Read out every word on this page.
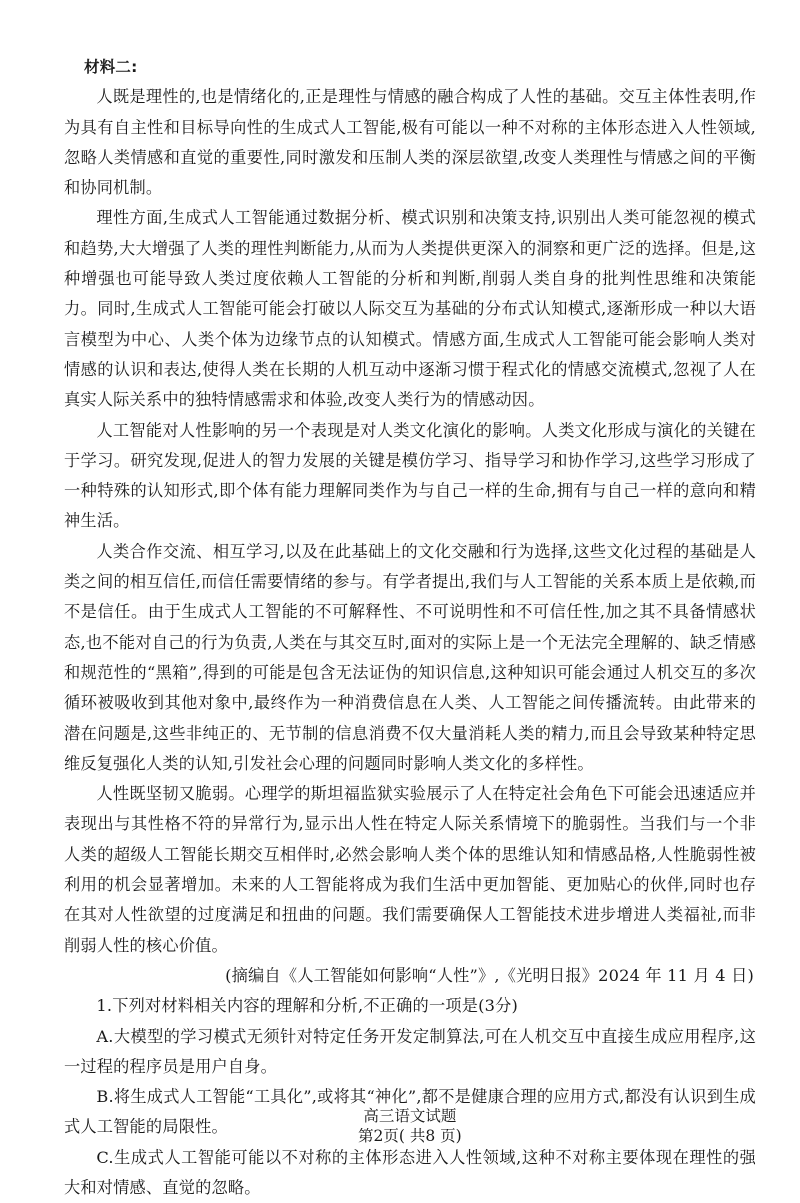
材料二:

人既是理性的,也是情绪化的,正是理性与情感的融合构成了人性的基础。交互主体性表明,作为具有自主性和目标导向性的生成式人工智能,极有可能以一种不对称的主体形态进入人性领域,忽略人类情感和直觉的重要性,同时激发和压制人类的深层欲望,改变人类理性与情感之间的平衡和协同机制。

理性方面,生成式人工智能通过数据分析、模式识别和决策支持,识别出人类可能忽视的模式和趋势,大大增强了人类的理性判断能力,从而为人类提供更深入的洞察和更广泛的选择。但是,这种增强也可能导致人类过度依赖人工智能的分析和判断,削弱人类自身的批判性思维和决策能力。同时,生成式人工智能可能会打破以人际交互为基础的分布式认知模式,逐渐形成一种以大语言模型为中心、人类个体为边缘节点的认知模式。情感方面,生成式人工智能可能会影响人类对情感的认识和表达,使得人类在长期的人机互动中逐渐习惯于程式化的情感交流模式,忽视了人在真实人际关系中的独特情感需求和体验,改变人类行为的情感动因。

人工智能对人性影响的另一个表现是对人类文化演化的影响。人类文化形成与演化的关键在于学习。研究发现,促进人的智力发展的关键是模仿学习、指导学习和协作学习,这些学习形成了一种特殊的认知形式,即个体有能力理解同类作为与自己一样的生命,拥有与自己一样的意向和精神生活。

人类合作交流、相互学习,以及在此基础上的文化交融和行为选择,这些文化过程的基础是人类之间的相互信任,而信任需要情绪的参与。有学者提出,我们与人工智能的关系本质上是依赖,而不是信任。由于生成式人工智能的不可解释性、不可说明性和不可信任性,加之其不具备情感状态,也不能对自己的行为负责,人类在与其交互时,面对的实际上是一个无法完全理解的、缺乏情感和规范性的“黑箱”,得到的可能是包含无法证伪的知识信息,这种知识可能会通过人机交互的多次循环被吸收到其他对象中,最终作为一种消费信息在人类、人工智能之间传播流转。由此带来的潜在问题是,这些非纯正的、无节制的信息消费不仅大量消耗人类的精力,而且会导致某种特定思维反复强化人类的认知,引发社会心理的问题同时影响人类文化的多样性。

人性既坚韧又脆弱。心理学的斯坦福监狱实验展示了人在特定社会角色下可能会迅速适应并表现出与其性格不符的异常行为,显示出人性在特定人际关系情境下的脆弱性。当我们与一个非人类的超级人工智能长期交互相伴时,必然会影响人类个体的思维认知和情感品格,人性脆弱性被利用的机会显著增加。未来的人工智能将成为我们生活中更加智能、更加贴心的伙伴,同时也存在其对人性欲望的过度满足和扭曲的问题。我们需要确保人工智能技术进步增进人类福祉,而非削弱人性的核心价值。

(摘编自《人工智能如何影响“人性”》,《光明日报》2024 年 11 月 4 日)

1.下列对材料相关内容的理解和分析,不正确的一项是(3分)

A.大模型的学习模式无须针对特定任务开发定制算法,可在人机交互中直接生成应用程序,这一过程的程序员是用户自身。

B.将生成式人工智能“工具化”,或将其“神化”,都不是健康合理的应用方式,都没有认识到生成式人工智能的局限性。

C.生成式人工智能可能以不对称的主体形态进入人性领域,这种不对称主要体现在理性的强大和对情感、直觉的忽略。

高三语文试题
第2页( 共8 页)
